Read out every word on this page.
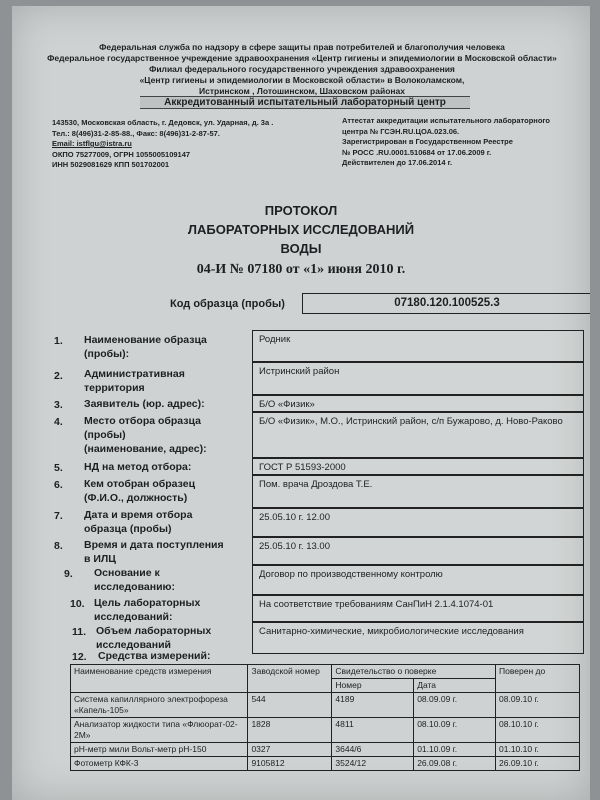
Федеральная служба по надзору в сфере защиты прав потребителей и благополучия человека
Федеральное государственное учреждение здравоохранения «Центр гигиены и эпидемиологии в Московской области»
Филиал федерального государственного учреждения здравоохранения
«Центр гигиены и эпидемиологии в Московской области» в Волоколамском,
Истринском , Лотошинском, Шаховском районах
Аккредитованный испытательный лабораторный центр
143530, Московская область, г. Дедовск, ул. Ударная, д. 3а .
Тел.: 8(496)31-2-85-88., Факс: 8(496)31-2-87-57.
Email: istflgu@istra.ru
ОКПО 75277009, ОГРН 1055005109147
ИНН 5029081629 КПП 501702001
Аттестат аккредитации испытательного лабораторного
центра № ГСЭН.RU.ЦОА.023.06.
Зарегистрирован в Государственном Реестре
№ РОСС .RU.0001.510684 от 17.06.2009 г.
Действителен до 17.06.2014 г.
ПРОТОКОЛ
ЛАБОРАТОРНЫХ ИССЛЕДОВАНИЙ
ВОДЫ
04-И № 07180 от «1» июня 2010 г.
Код образца (пробы)	07180.120.100525.3
1. Наименование образца
(пробы):
Родник
2. Административная
территория
Истринский район
3. Заявитель (юр. адрес):	Б/О «Физик»
4. Место отбора образца
(пробы)
(наименование, адрес):
Б/О «Физик», М.О., Истринский район, с/п Бужарово, д. Ново-Раково
5. НД на метод отбора:	ГОСТ Р 51593-2000
6. Кем отобран образец
(Ф.И.О., должность)
Пом. врача Дроздова Т.Е.
7. Дата и время отбора
образца (пробы)
25.05.10 г. 12.00
8. Время и дата поступления
в ИЛЦ
25.05.10 г. 13.00
9. Основание к
исследованию:
Договор по производственному контролю
10. Цель лабораторных
исследований:
На соответствие требованиям СанПиН 2.1.4.1074-01
11. Объем лабораторных
исследований
Санитарно-химические, микробиологические исследования
12. Средства измерений:
Наименование средств измерения	Заводской номер	Свидетельство о поверке		Поверен до
		Номер	Дата	
Система капиллярного электрофореза «Капель-105»	544	4189	08.09.09 г.	08.09.10 г.
Анализатор жидкости типа «Флюорат-02-2М»	1828	4811	08.10.09 г.	08.10.10 г.
рН-метр мили Вольт-метр рН-150	0327	3644/6	01.10.09 г.	01.10.10 г.
Фотометр КФК-3	9105812	3524/12	26.09.08 г.	26.09.10 г.
